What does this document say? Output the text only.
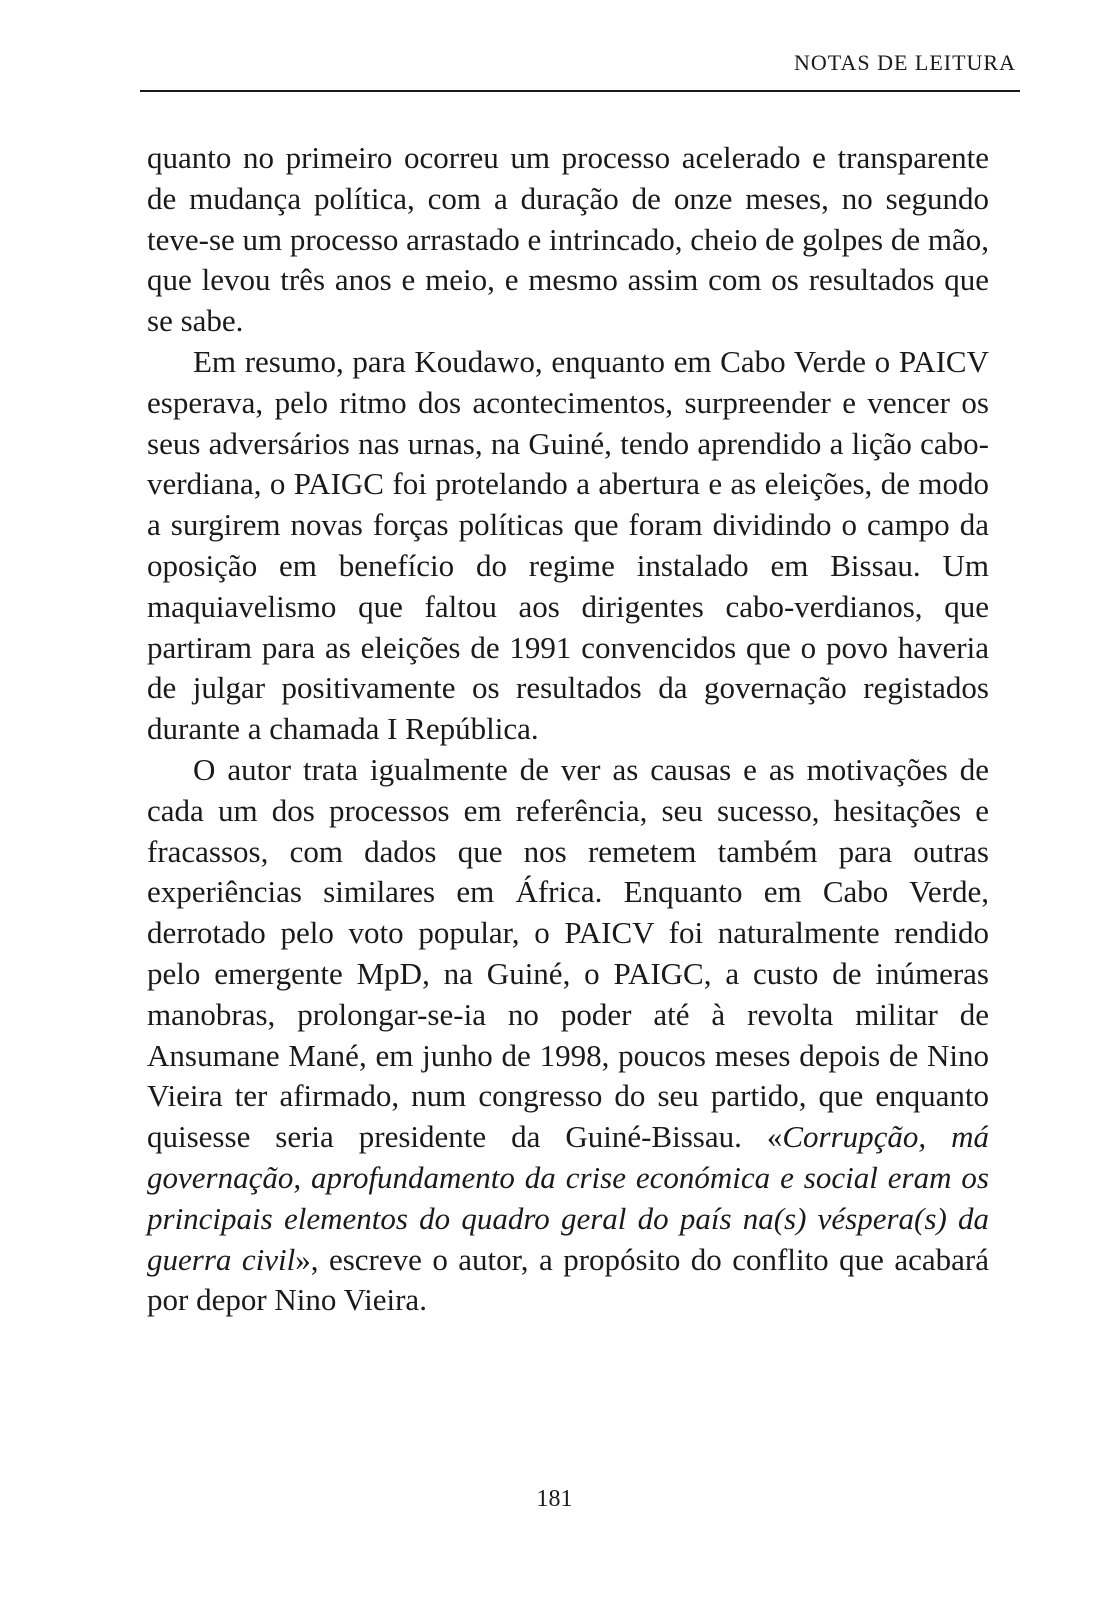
NOTAS DE LEITURA

quanto no primeiro ocorreu um processo acelerado e transparente de mudança política, com a duração de onze meses, no segundo teve-se um processo arrastado e intrincado, cheio de golpes de mão, que levou três anos e meio, e mesmo assim com os resultados que se sabe.

Em resumo, para Koudawo, enquanto em Cabo Verde o PAICV esperava, pelo ritmo dos acontecimentos, surpreender e vencer os seus adversários nas urnas, na Guiné, tendo aprendido a lição cabo-verdiana, o PAIGC foi protelando a abertura e as eleições, de modo a surgirem novas forças políticas que foram dividindo o campo da oposição em benefício do regime instalado em Bissau. Um maquiavelismo que faltou aos dirigentes cabo-verdianos, que partiram para as eleições de 1991 convencidos que o povo haveria de julgar positivamente os resultados da governação registados durante a chamada I República.

O autor trata igualmente de ver as causas e as motivações de cada um dos processos em referência, seu sucesso, hesitações e fracassos, com dados que nos remetem também para outras experiências similares em África. Enquanto em Cabo Verde, derrotado pelo voto popular, o PAICV foi naturalmente rendido pelo emergente MpD, na Guiné, o PAIGC, a custo de inúmeras manobras, prolongar-se-ia no poder até à revolta militar de Ansumane Mané, em junho de 1998, poucos meses depois de Nino Vieira ter afirmado, num congresso do seu partido, que enquanto quisesse seria presidente da Guiné-Bissau. «Corrupção, má governação, aprofundamento da crise económica e social eram os principais elementos do quadro geral do país na(s) véspera(s) da guerra civil», escreve o autor, a propósito do conflito que acabará por depor Nino Vieira.

181
